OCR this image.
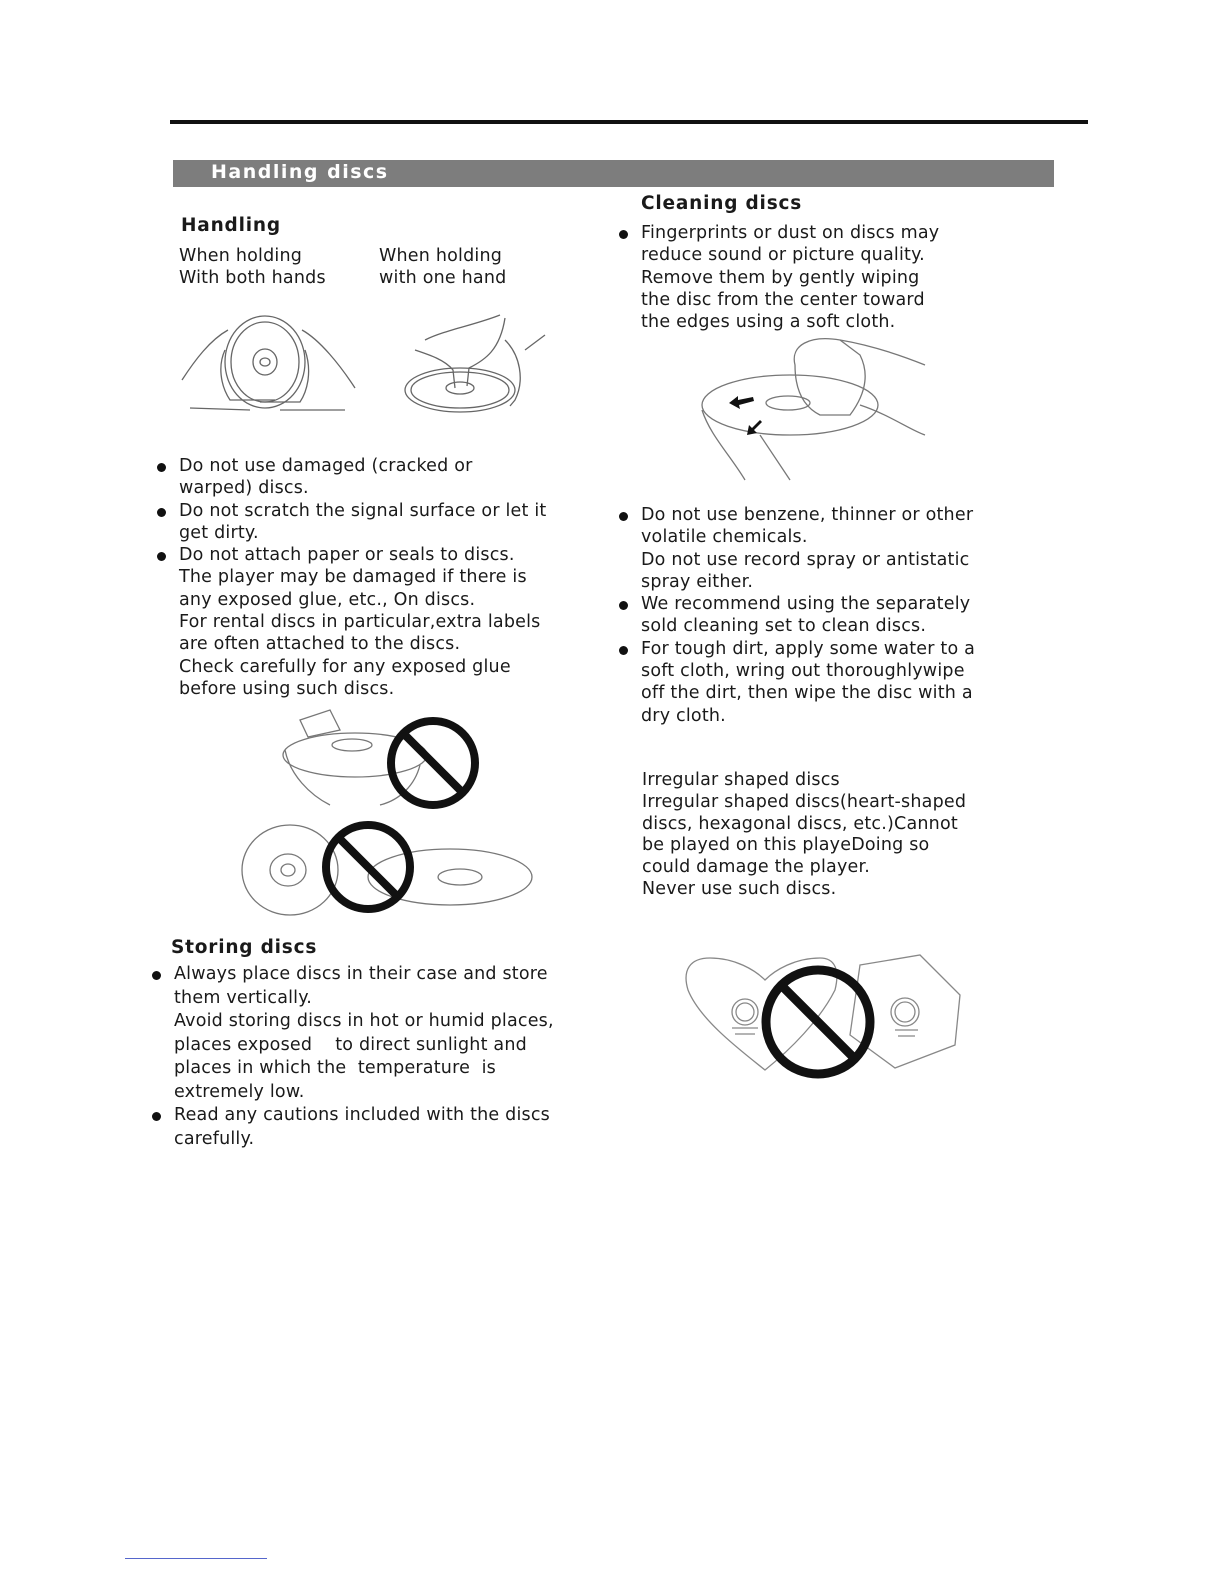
Handling discs
Handling
When holding
With both hands
When holding
with one hand
Do not use damaged (cracked or
warped) discs.
Do not scratch the signal surface or let it
get dirty.
Do not attach paper or seals to discs.
The player may be damaged if there is
any exposed glue, etc., On discs.
For rental discs in particular,extra labels
are often attached to the discs.
Check carefully for any exposed glue
before using such discs.
Storing discs
Always place discs in their case and store
them vertically.
Avoid storing discs in hot or humid places,
places exposed    to direct sunlight and
places in which the  temperature  is
extremely low.
Read any cautions included with the discs
carefully.
Cleaning discs
Fingerprints or dust on discs may
reduce sound or picture quality.
Remove them by gently wiping
the disc from the center toward
the edges using a soft cloth.
Do not use benzene, thinner or other
volatile chemicals.
Do not use record spray or antistatic
spray either.
We recommend using the separately
sold cleaning set to clean discs.
For tough dirt, apply some water to a
soft cloth, wring out thoroughlywipe
off the dirt, then wipe the disc with a
dry cloth.
Irregular shaped discs
Irregular shaped discs(heart-shaped
discs, hexagonal discs, etc.)Cannot
be played on this playeDoing so
could damage the player.
Never use such discs.
